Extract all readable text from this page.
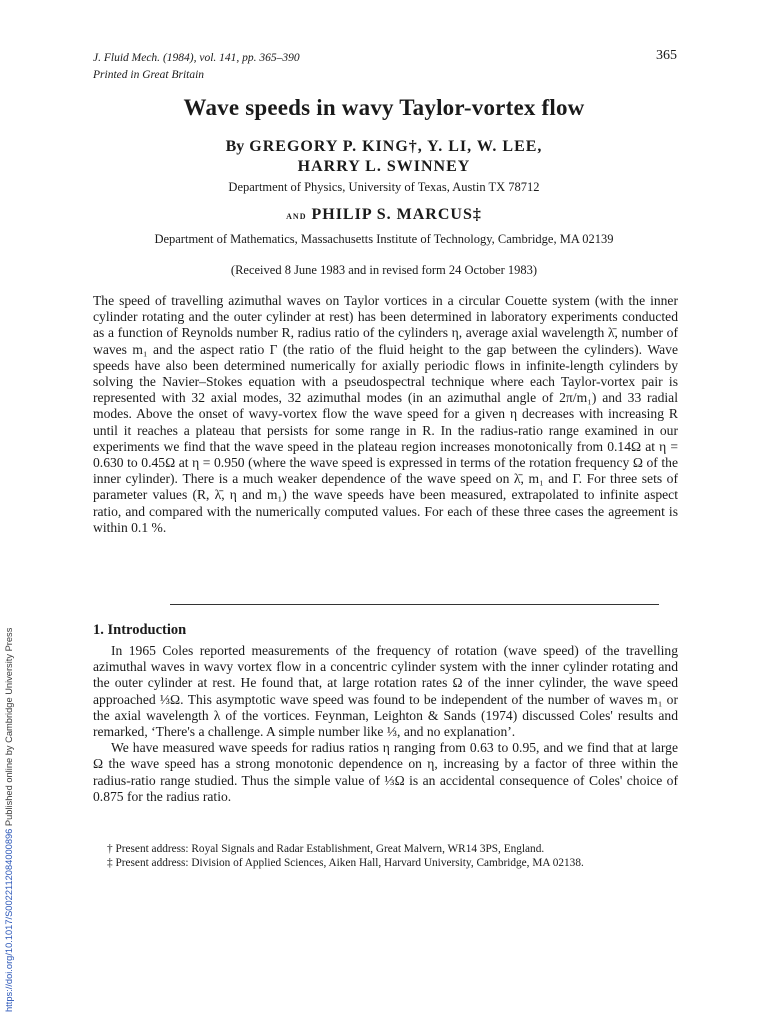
J. Fluid Mech. (1984), vol. 141, pp. 365–390
Printed in Great Britain
365
Wave speeds in wavy Taylor-vortex flow
By GREGORY P. KING†, Y. LI, W. LEE,
HARRY L. SWINNEY
Department of Physics, University of Texas, Austin TX 78712
and PHILIP S. MARCUS‡
Department of Mathematics, Massachusetts Institute of Technology, Cambridge, MA 02139
(Received 8 June 1983 and in revised form 24 October 1983)
The speed of travelling azimuthal waves on Taylor vortices in a circular Couette system (with the inner cylinder rotating and the outer cylinder at rest) has been determined in laboratory experiments conducted as a function of Reynolds number R, radius ratio of the cylinders η, average axial wavelength λ̄, number of waves m₁ and the aspect ratio Γ (the ratio of the fluid height to the gap between the cylinders). Wave speeds have also been determined numerically for axially periodic flows in infinite-length cylinders by solving the Navier–Stokes equation with a pseudospectral technique where each Taylor-vortex pair is represented with 32 axial modes, 32 azimuthal modes (in an azimuthal angle of 2π/m₁) and 33 radial modes. Above the onset of wavy-vortex flow the wave speed for a given η decreases with increasing R until it reaches a plateau that persists for some range in R. In the radius-ratio range examined in our experiments we find that the wave speed in the plateau region increases monotonically from 0.14Ω at η = 0.630 to 0.45Ω at η = 0.950 (where the wave speed is expressed in terms of the rotation frequency Ω of the inner cylinder). There is a much weaker dependence of the wave speed on λ̄, m₁ and Γ. For three sets of parameter values (R, λ̄, η and m₁) the wave speeds have been measured, extrapolated to infinite aspect ratio, and compared with the numerically computed values. For each of these three cases the agreement is within 0.1 %.
1. Introduction

In 1965 Coles reported measurements of the frequency of rotation (wave speed) of the travelling azimuthal waves in wavy vortex flow in a concentric cylinder system with the inner cylinder rotating and the outer cylinder at rest. He found that, at large rotation rates Ω of the inner cylinder, the wave speed approached ⅓Ω. This asymptotic wave speed was found to be independent of the number of waves m₁ or the axial wavelength λ of the vortices. Feynman, Leighton & Sands (1974) discussed Coles' results and remarked, ‘There's a challenge. A simple number like ⅓, and no explanation’.

We have measured wave speeds for radius ratios η ranging from 0.63 to 0.95, and we find that at large Ω the wave speed has a strong monotonic dependence on η, increasing by a factor of three within the radius-ratio range studied. Thus the simple value of ⅓Ω is an accidental consequence of Coles' choice of 0.875 for the radius ratio.

† Present address: Royal Signals and Radar Establishment, Great Malvern, WR14 3PS, England.

‡ Present address: Division of Applied Sciences, Aiken Hall, Harvard University, Cambridge, MA 02138.

https://doi.org/10.1017/S0022112084000896 Published online by Cambridge University Press
